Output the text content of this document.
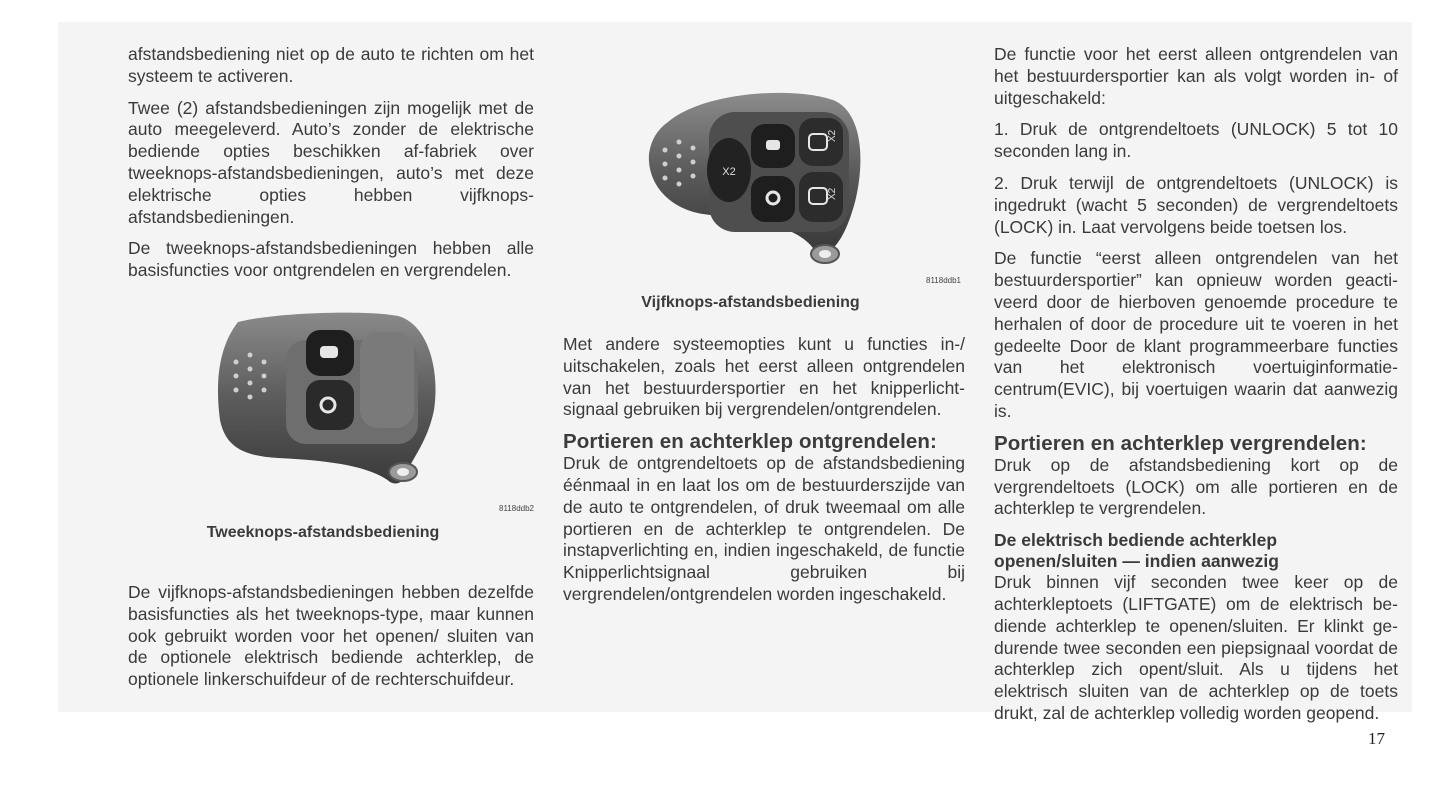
afstandsbediening niet op de auto te richten om het systeem te activeren.

Twee (2) afstandsbedieningen zijn mogelijk met de auto meegeleverd. Auto’s zonder de elektrische bediende opties beschikken af-fabriek over tweeknops-afstandsbedieningen, auto’s met deze elektrische opties hebben vijfknops-afstandsbedieningen.

De tweeknops-afstandsbedieningen hebben alle basisfuncties voor ontgrendelen en vergrendelen.

8118ddb2
Tweeknops-afstandsbediening

De vijfknops-afstandsbedieningen hebben dezelfde basisfuncties als het tweeknops-type, maar kunnen ook gebruikt worden voor het openen/ sluiten van de optionele elektrisch bediende achterklep, de optionele linkerschuifdeur of de rechterschuifdeur.

X2
X2
X2
8118ddb1
Vijfknops-afstandsbediening

Met andere systeemopties kunt u functies in-/ uitschakelen, zoals het eerst alleen ontgrendelen van het bestuurdersportier en het knipperlichtsignaal gebruiken bij vergrendelen/ontgrendelen.

Portieren en achterklep ontgrendelen:

Druk de ontgrendeltoets op de afstandsbediening éénmaal in en laat los om de bestuurderszijde van de auto te ontgrendelen, of druk tweemaal om alle portieren en de achterklep te ontgrendelen. De instapverlichting en, indien ingeschakeld, de functie Knipperlichtsignaal gebruiken bij vergrendelen/ontgrendelen worden ingeschakeld.

De functie voor het eerst alleen ontgrendelen van het bestuurdersportier kan als volgt worden in- of uitgeschakeld:

1. Druk de ontgrendeltoets (UNLOCK) 5 tot 10 seconden lang in.

2. Druk terwijl de ontgrendeltoets (UNLOCK) is ingedrukt (wacht 5 seconden) de vergrendeltoets (LOCK) in. Laat vervolgens beide toetsen los.

De functie “eerst alleen ontgrendelen van het bestuurdersportier” kan opnieuw worden geactiveerd door de hierboven genoemde procedure te herhalen of door de procedure uit te voeren in het gedeelte Door de klant programmeerbare functies van het elektronisch voertuiginformatiecentrum(EVIC), bij voertuigen waarin dat aanwezig is.

Portieren en achterklep vergrendelen:

Druk op de afstandsbediening kort op de vergrendeltoets (LOCK) om alle portieren en de achterklep te vergrendelen.

De elektrisch bediende achterklep openen/sluiten — indien aanwezig

Druk binnen vijf seconden twee keer op de achterkleptoets (LIFTGATE) om de elektrisch bediende achterklep te openen/sluiten. Er klinkt gedurende twee seconden een piepsignaal voordat de achterklep zich opent/sluit. Als u tijdens het elektrisch sluiten van de achterklep op de toets drukt, zal de achterklep volledig worden geopend.

17
